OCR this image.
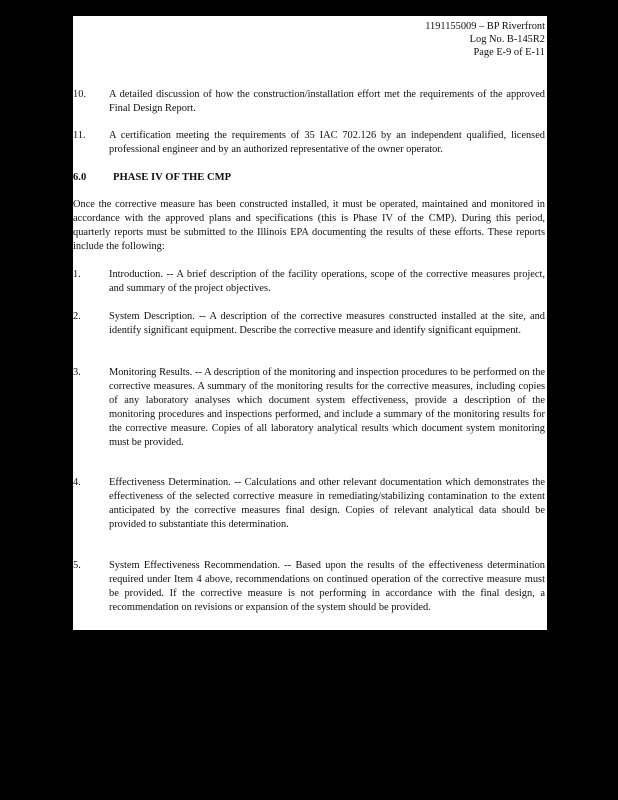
1191155009 – BP Riverfront
Log No. B-145R2
Page E-9 of E-11
10. A detailed discussion of how the construction/installation effort met the requirements of the approved Final Design Report.
11. A certification meeting the requirements of 35 IAC 702.126 by an independent qualified, licensed professional engineer and by an authorized representative of the owner operator.
6.0	PHASE IV OF THE CMP
Once the corrective measure has been constructed installed, it must be operated, maintained and monitored in accordance with the approved plans and specifications (this is Phase IV of the CMP). During this period, quarterly reports must be submitted to the Illinois EPA documenting the results of these efforts. These reports include the following:
1.	Introduction. -- A brief description of the facility operations, scope of the corrective measures project, and summary of the project objectives.
2.	System Description. -- A description of the corrective measures constructed installed at the site, and identify significant equipment. Describe the corrective measure and identify significant equipment.
3.	Monitoring Results. -- A description of the monitoring and inspection procedures to be performed on the corrective measures. A summary of the monitoring results for the corrective measures, including copies of any laboratory analyses which document system effectiveness, provide a description of the monitoring procedures and inspections performed, and include a summary of the monitoring results for the corrective measure. Copies of all laboratory analytical results which document system monitoring must be provided.
4.	Effectiveness Determination. -- Calculations and other relevant documentation which demonstrates the effectiveness of the selected corrective measure in remediating/stabilizing contamination to the extent anticipated by the corrective measures final design. Copies of relevant analytical data should be provided to substantiate this determination.
5.	System Effectiveness Recommendation. -- Based upon the results of the effectiveness determination required under Item 4 above, recommendations on continued operation of the corrective measure must be provided. If the corrective measure is not performing in accordance with the final design, a recommendation on revisions or expansion of the system should be provided.
